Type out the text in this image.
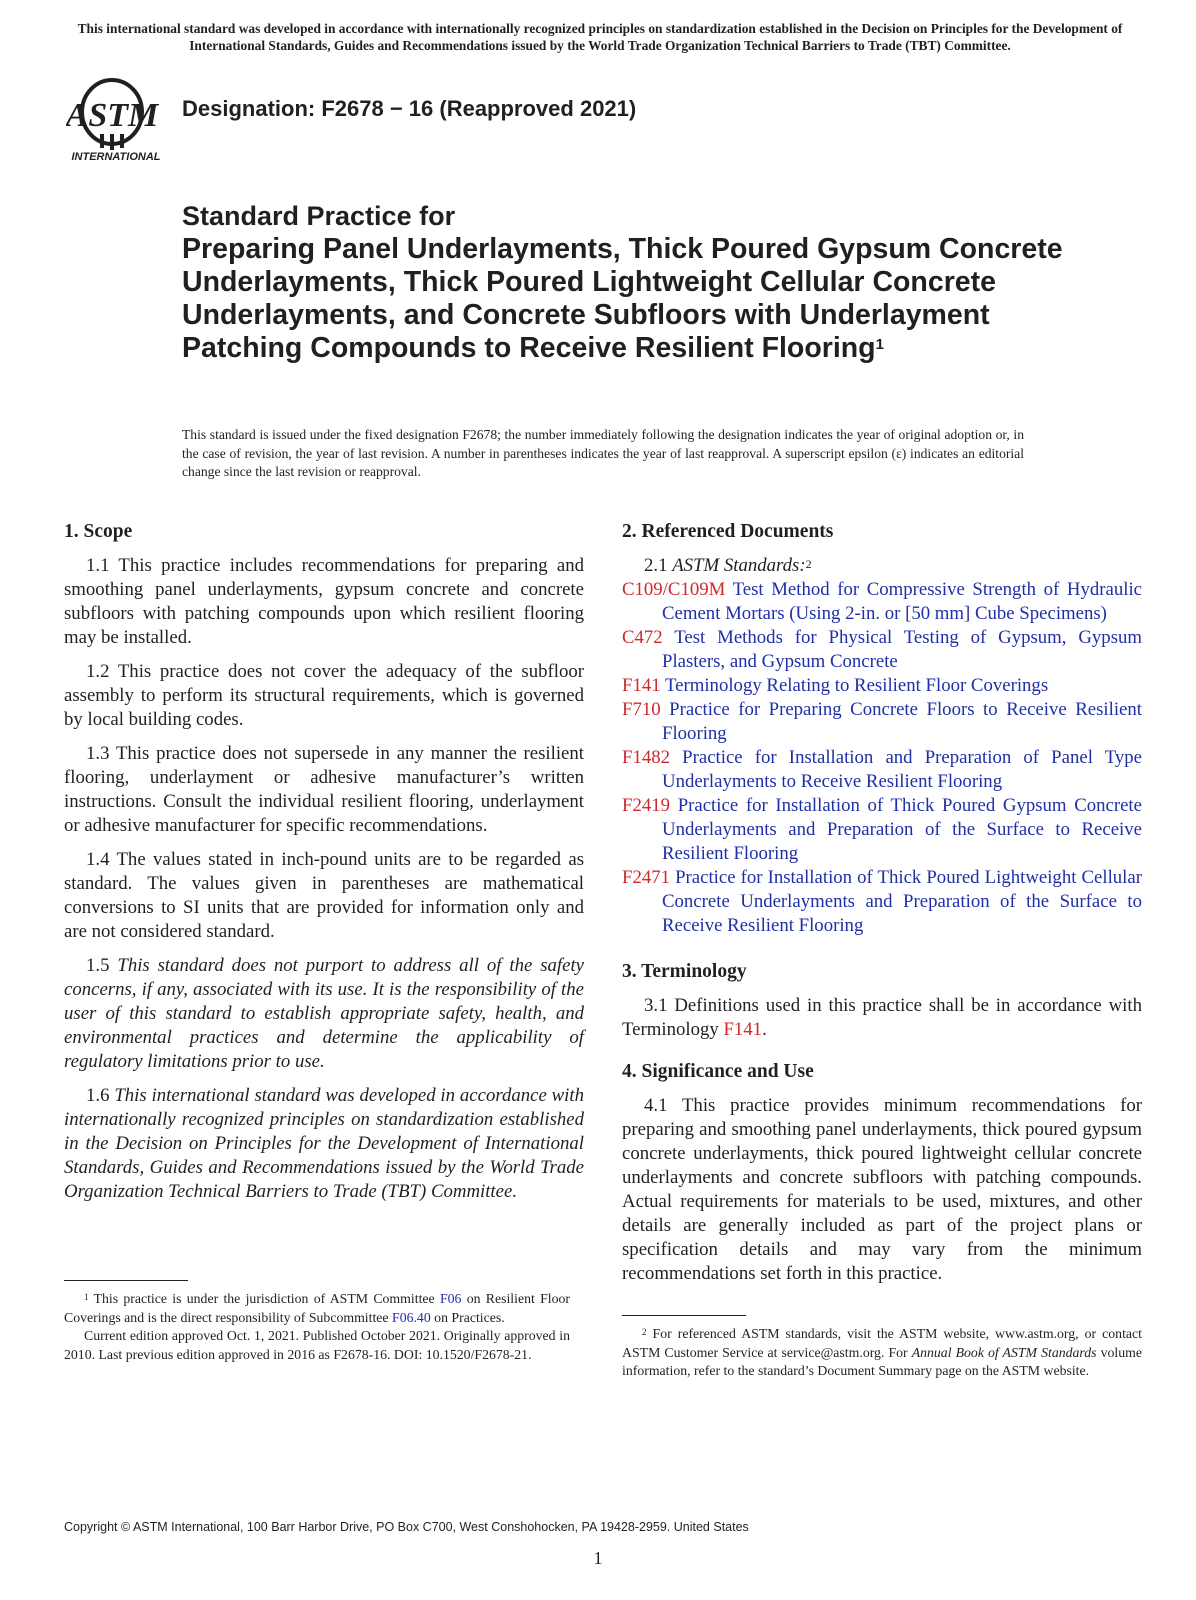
This international standard was developed in accordance with internationally recognized principles on standardization established in the Decision on Principles for the Development of International Standards, Guides and Recommendations issued by the World Trade Organization Technical Barriers to Trade (TBT) Committee.
ASTM
INTERNATIONAL
Designation: F2678 − 16 (Reapproved 2021)
Standard Practice for
Preparing Panel Underlayments, Thick Poured Gypsum Concrete Underlayments, Thick Poured Lightweight Cellular Concrete Underlayments, and Concrete Subfloors with Underlayment Patching Compounds to Receive Resilient Flooring$^1$
This standard is issued under the fixed designation F2678; the number immediately following the designation indicates the year of original adoption or, in the case of revision, the year of last revision. A number in parentheses indicates the year of last reapproval. A superscript epsilon (ε) indicates an editorial change since the last revision or reapproval.
1. Scope

1.1 This practice includes recommendations for preparing and smoothing panel underlayments, gypsum concrete and concrete subfloors with patching compounds upon which resilient flooring may be installed.

1.2 This practice does not cover the adequacy of the subfloor assembly to perform its structural requirements, which is governed by local building codes.

1.3 This practice does not supersede in any manner the resilient flooring, underlayment or adhesive manufacturer’s written instructions. Consult the individual resilient flooring, underlayment or adhesive manufacturer for specific recommendations.

1.4 The values stated in inch-pound units are to be regarded as standard. The values given in parentheses are mathematical conversions to SI units that are provided for information only and are not considered standard.

1.5 This standard does not purport to address all of the safety concerns, if any, associated with its use. It is the responsibility of the user of this standard to establish appropriate safety, health, and environmental practices and determine the applicability of regulatory limitations prior to use.

1.6 This international standard was developed in accordance with internationally recognized principles on standardization established in the Decision on Principles for the Development of International Standards, Guides and Recommendations issued by the World Trade Organization Technical Barriers to Trade (TBT) Committee.

2. Referenced Documents

2.1 ASTM Standards:$^2$

C109/C109M Test Method for Compressive Strength of Hydraulic Cement Mortars (Using 2-in. or [50 mm] Cube Specimens)

C472 Test Methods for Physical Testing of Gypsum, Gypsum Plasters, and Gypsum Concrete

F141 Terminology Relating to Resilient Floor Coverings

F710 Practice for Preparing Concrete Floors to Receive Resilient Flooring

F1482 Practice for Installation and Preparation of Panel Type Underlayments to Receive Resilient Flooring

F2419 Practice for Installation of Thick Poured Gypsum Concrete Underlayments and Preparation of the Surface to Receive Resilient Flooring

F2471 Practice for Installation of Thick Poured Lightweight Cellular Concrete Underlayments and Preparation of the Surface to Receive Resilient Flooring

3. Terminology

3.1 Definitions used in this practice shall be in accordance with Terminology F141.

4. Significance and Use

4.1 This practice provides minimum recommendations for preparing and smoothing panel underlayments, thick poured gypsum concrete underlayments, thick poured lightweight cellular concrete underlayments and concrete subfloors with patching compounds. Actual requirements for materials to be used, mixtures, and other details are generally included as part of the project plans or specification details and may vary from the minimum recommendations set forth in this practice.

$^1$ This practice is under the jurisdiction of ASTM Committee F06 on Resilient Floor Coverings and is the direct responsibility of Subcommittee F06.40 on Practices.

Current edition approved Oct. 1, 2021. Published October 2021. Originally approved in 2010. Last previous edition approved in 2016 as F2678-16. DOI: 10.1520/F2678-21.

$^2$ For referenced ASTM standards, visit the ASTM website, www.astm.org, or contact ASTM Customer Service at service@astm.org. For Annual Book of ASTM Standards volume information, refer to the standard’s Document Summary page on the ASTM website.

Copyright © ASTM International, 100 Barr Harbor Drive, PO Box C700, West Conshohocken, PA 19428-2959. United States
1
